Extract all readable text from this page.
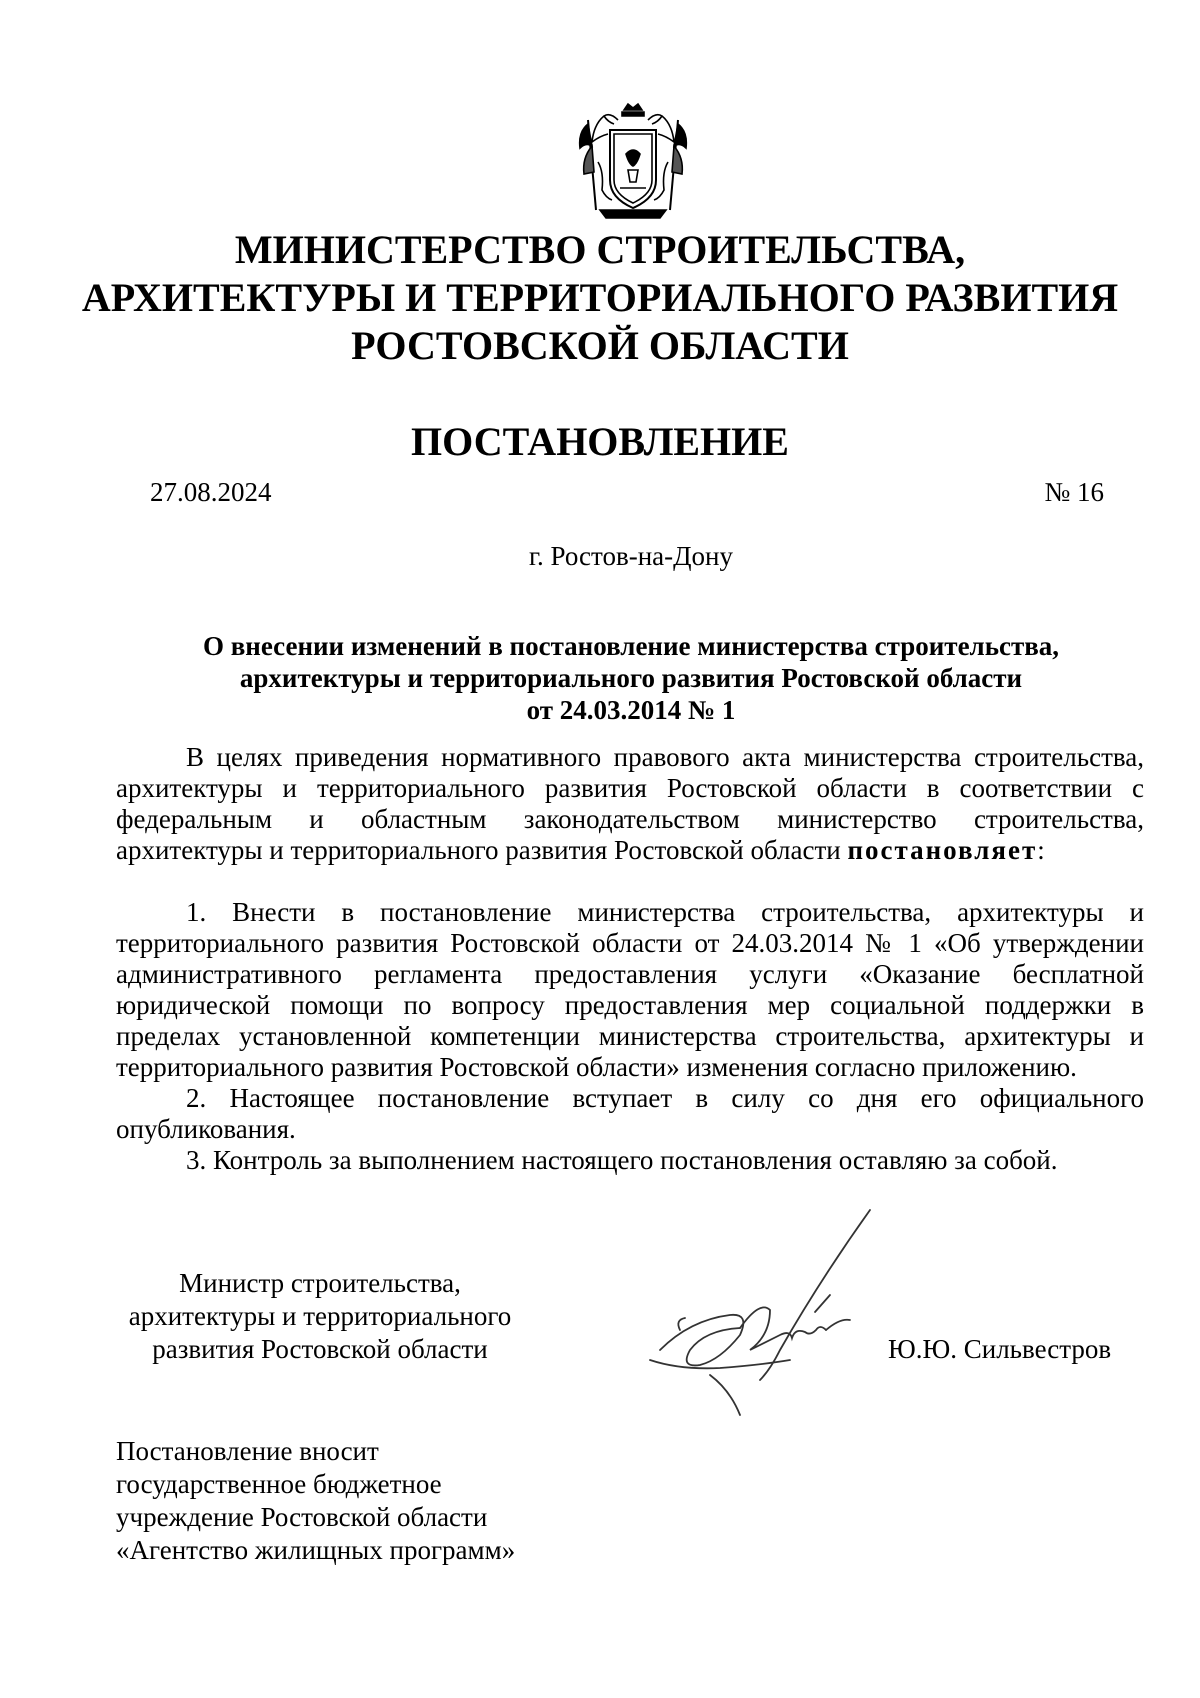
МИНИСТЕРСТВО СТРОИТЕЛЬСТВА,
АРХИТЕКТУРЫ И ТЕРРИТОРИАЛЬНОГО РАЗВИТИЯ
РОСТОВСКОЙ ОБЛАСТИ
ПОСТАНОВЛЕНИЕ
27.08.2024	№ 16
г. Ростов-на-Дону
О внесении изменений в постановление министерства строительства,
архитектуры и территориального развития Ростовской области
от 24.03.2014 № 1

В целях приведения нормативного правового акта министерства строительства, архитектуры и территориального развития Ростовской области в соответствии с федеральным и областным законодательством министерство строительства, архитектуры и территориального развития Ростовской области постановляет:

1. Внести в постановление министерства строительства, архитектуры и территориального развития Ростовской области от 24.03.2014 № 1 «Об утверждении административного регламента предоставления услуги «Оказание бесплатной юридической помощи по вопросу предоставления мер социальной поддержки в пределах установленной компетенции министерства строительства, архитектуры и территориального развития Ростовской области» изменения согласно приложению.

2. Настоящее постановление вступает в силу со дня его официального опубликования.

3. Контроль за выполнением настоящего постановления оставляю за собой.

Министр строительства,
архитектуры и территориального
развития Ростовской области	Ю.Ю. Сильвестров
Постановление вносит
государственное бюджетное
учреждение Ростовской области
«Агентство жилищных программ»
